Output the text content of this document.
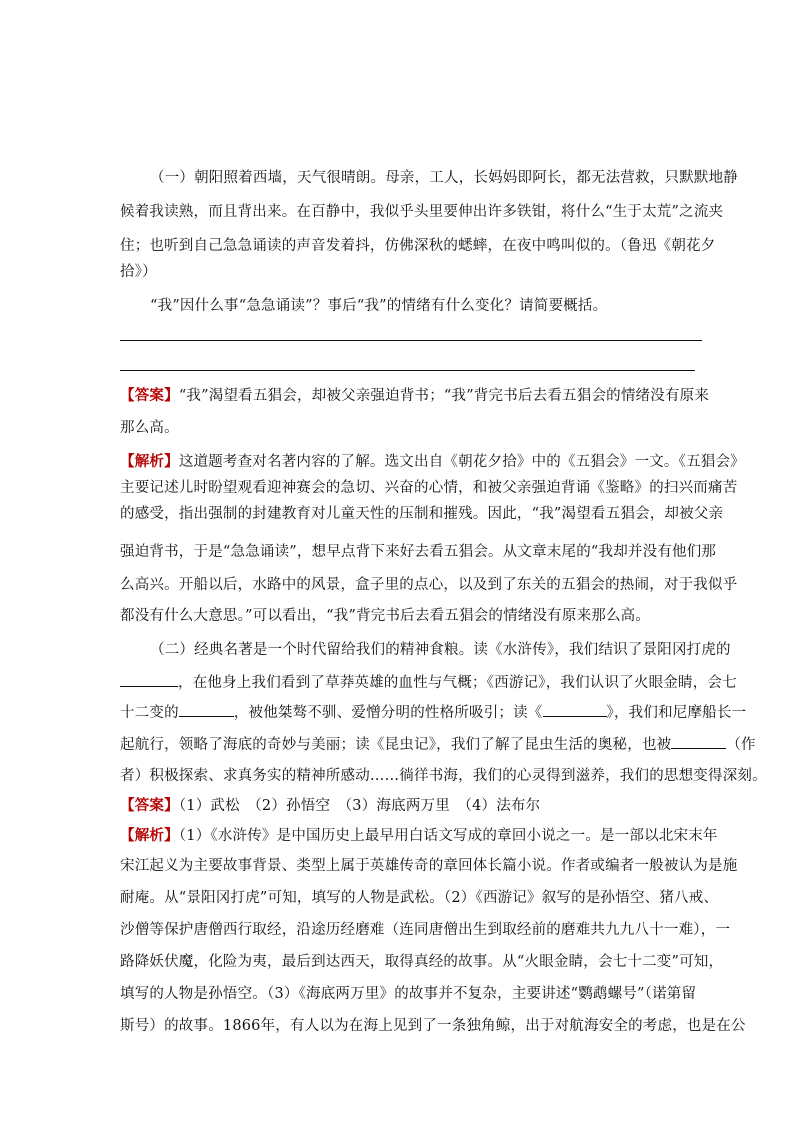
（一）朝阳照着西墙，天气很晴朗。母亲，工人，长妈妈即阿长，都无法营救，只默默地静
候着我读熟，而且背出来。在百静中，我似乎头里要伸出许多铁钳，将什么“生于太荒”之流夹
住；也听到自己急急诵读的声音发着抖，仿佛深秋的蟋蟀，在夜中鸣叫似的。（鲁迅《朝花夕
拾》）
“我”因什么事“急急诵读”？事后“我”的情绪有什么变化？请简要概括。
【答案】“我”渴望看五猖会，却被父亲强迫背书；“我”背完书后去看五猖会的情绪没有原来
那么高。
【解析】这道题考查对名著内容的了解。选文出自《朝花夕拾》中的《五猖会》一文。《五猖会》
主要记述儿时盼望观看迎神赛会的急切、兴奋的心情，和被父亲强迫背诵《鉴略》的扫兴而痛苦
的感受，指出强制的封建教育对儿童天性的压制和摧残。因此，“我”渴望看五猖会，却被父亲
强迫背书，于是“急急诵读”，想早点背下来好去看五猖会。从文章末尾的“我却并没有他们那
么高兴。开船以后，水路中的风景，盒子里的点心，以及到了东关的五猖会的热闹，对于我似乎
都没有什么大意思。”可以看出，“我”背完书后去看五猖会的情绪没有原来那么高。
（二）经典名著是一个时代留给我们的精神食粮。读《水浒传》，我们结识了景阳冈打虎的
，在他身上我们看到了草莽英雄的血性与气概；《西游记》，我们认识了火眼金睛，会七
十二变的	，被他桀骜不驯、爱憎分明的性格所吸引；读《	》，我们和尼摩船长一
起航行，领略了海底的奇妙与美丽；读《昆虫记》，我们了解了昆虫生活的奥秘，也被	（作
者）积极探索、求真务实的精神所感动……徜徉书海，我们的心灵得到滋养，我们的思想变得深刻。
【答案】（1）武松　（2）孙悟空　（3）海底两万里　（4）法布尔
【解析】（1）《水浒传》是中国历史上最早用白话文写成的章回小说之一。是一部以北宋末年
宋江起义为主要故事背景、类型上属于英雄传奇的章回体长篇小说。作者或编者一般被认为是施
耐庵。从“景阳冈打虎”可知，填写的人物是武松。（2）《西游记》叙写的是孙悟空、猪八戒、
沙僧等保护唐僧西行取经，沿途历经磨难（连同唐僧出生到取经前的磨难共九九八十一难），一
路降妖伏魔，化险为夷，最后到达西天，取得真经的故事。从“火眼金睛，会七十二变”可知，
填写的人物是孙悟空。（3）《海底两万里》的故事并不复杂，主要讲述“鹦鹉螺号”（诺第留
斯号）的故事。1866年，有人以为在海上见到了一条独角鲸，出于对航海安全的考虑，也是在公
